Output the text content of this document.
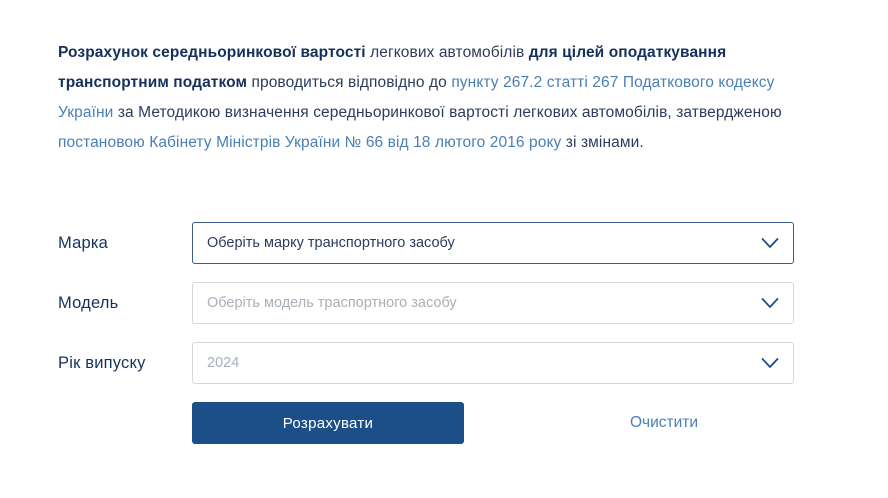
Розрахунок середньоринкової вартості легкових автомобілів для цілей оподаткування транспортним податком проводиться відповідно до пункту 267.2 статті 267 Податкового кодексу України за Методикою визначення середньоринкової вартості легкових автомобілів, затвердженою постановою Кабінету Міністрів України № 66 від 18 лютого 2016 року зі змінами.

Марка	Оберіть марку транспортного засобу
Модель	Оберіть модель траспортного засобу
Рік випуску	2024
Розрахувати	Очистити
